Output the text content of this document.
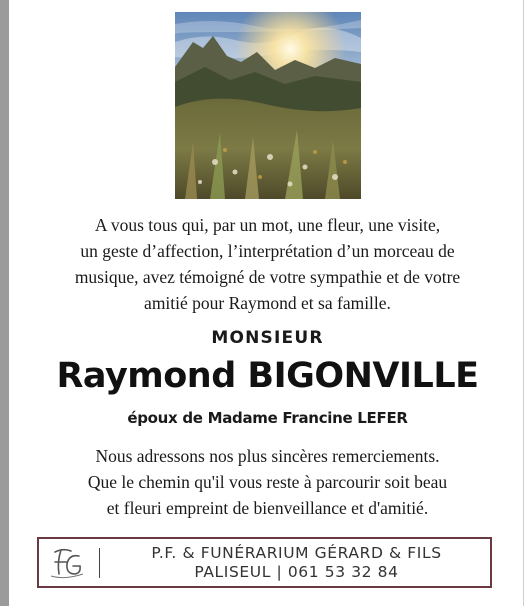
A vous tous qui, par un mot, une fleur, une visite,
un geste d’affection, l’interprétation d’un morceau de
musique, avez témoigné de votre sympathie et de votre
amitié pour Raymond et sa famille.
MONSIEUR
Raymond BIGONVILLE
époux de Madame Francine LEFER
Nous adressons nos plus sincères remerciements.
Que le chemin qu'il vous reste à parcourir soit beau
et fleuri empreint de bienveillance et d'amitié.
P.F. & FUNÉRARIUM GÉRARD & FILS
PALISEUL | 061 53 32 84
